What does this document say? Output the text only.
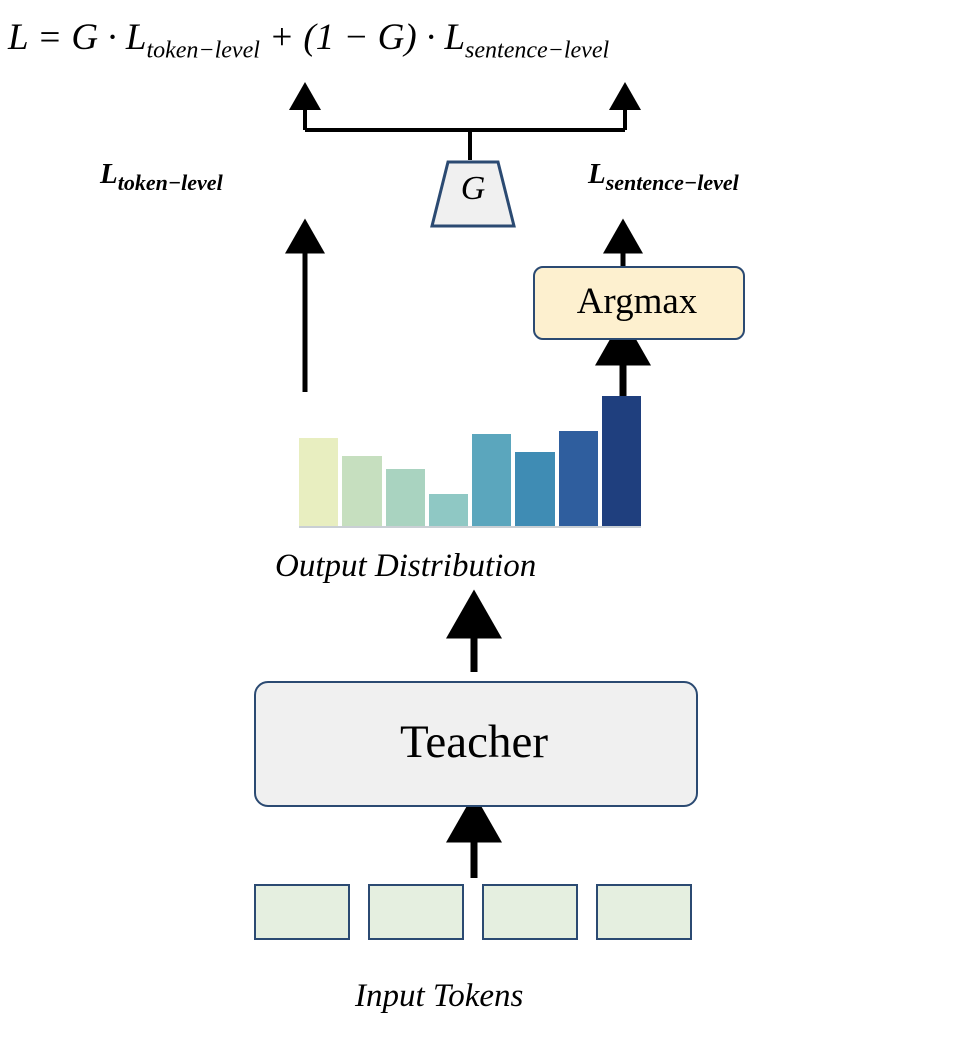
$L = G \cdot L_{token-level} + (1 - G) \cdot L_{sentence-level}$
$L_{token-level}$	$L_{sentence-level}$
G
Argmax
Output Distribution
Teacher
Input Tokens
